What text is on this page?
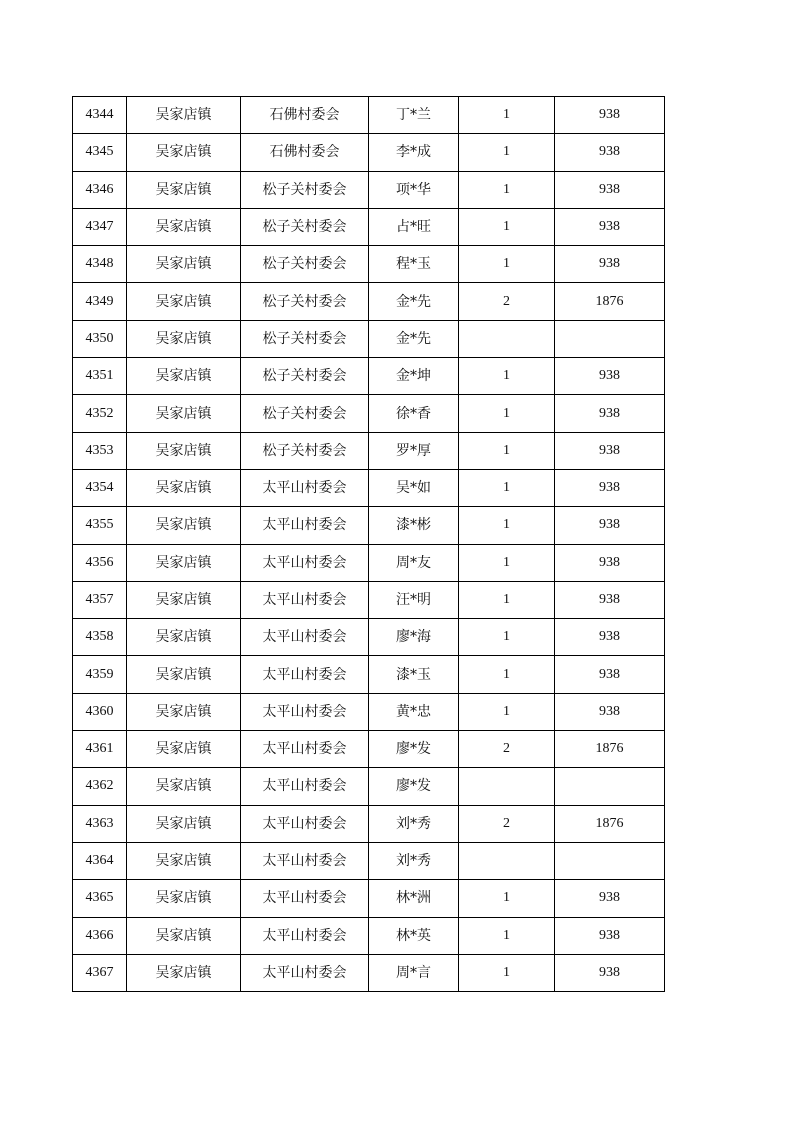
4344	吴家店镇	石佛村委会	丁*兰	1	938
4345	吴家店镇	石佛村委会	李*成	1	938
4346	吴家店镇	松子关村委会	项*华	1	938
4347	吴家店镇	松子关村委会	占*旺	1	938
4348	吴家店镇	松子关村委会	程*玉	1	938
4349	吴家店镇	松子关村委会	金*先	2	1876
4350	吴家店镇	松子关村委会	金*先		
4351	吴家店镇	松子关村委会	金*坤	1	938
4352	吴家店镇	松子关村委会	徐*香	1	938
4353	吴家店镇	松子关村委会	罗*厚	1	938
4354	吴家店镇	太平山村委会	吴*如	1	938
4355	吴家店镇	太平山村委会	漆*彬	1	938
4356	吴家店镇	太平山村委会	周*友	1	938
4357	吴家店镇	太平山村委会	汪*明	1	938
4358	吴家店镇	太平山村委会	廖*海	1	938
4359	吴家店镇	太平山村委会	漆*玉	1	938
4360	吴家店镇	太平山村委会	黄*忠	1	938
4361	吴家店镇	太平山村委会	廖*发	2	1876
4362	吴家店镇	太平山村委会	廖*发		
4363	吴家店镇	太平山村委会	刘*秀	2	1876
4364	吴家店镇	太平山村委会	刘*秀		
4365	吴家店镇	太平山村委会	林*洲	1	938
4366	吴家店镇	太平山村委会	林*英	1	938
4367	吴家店镇	太平山村委会	周*言	1	938
